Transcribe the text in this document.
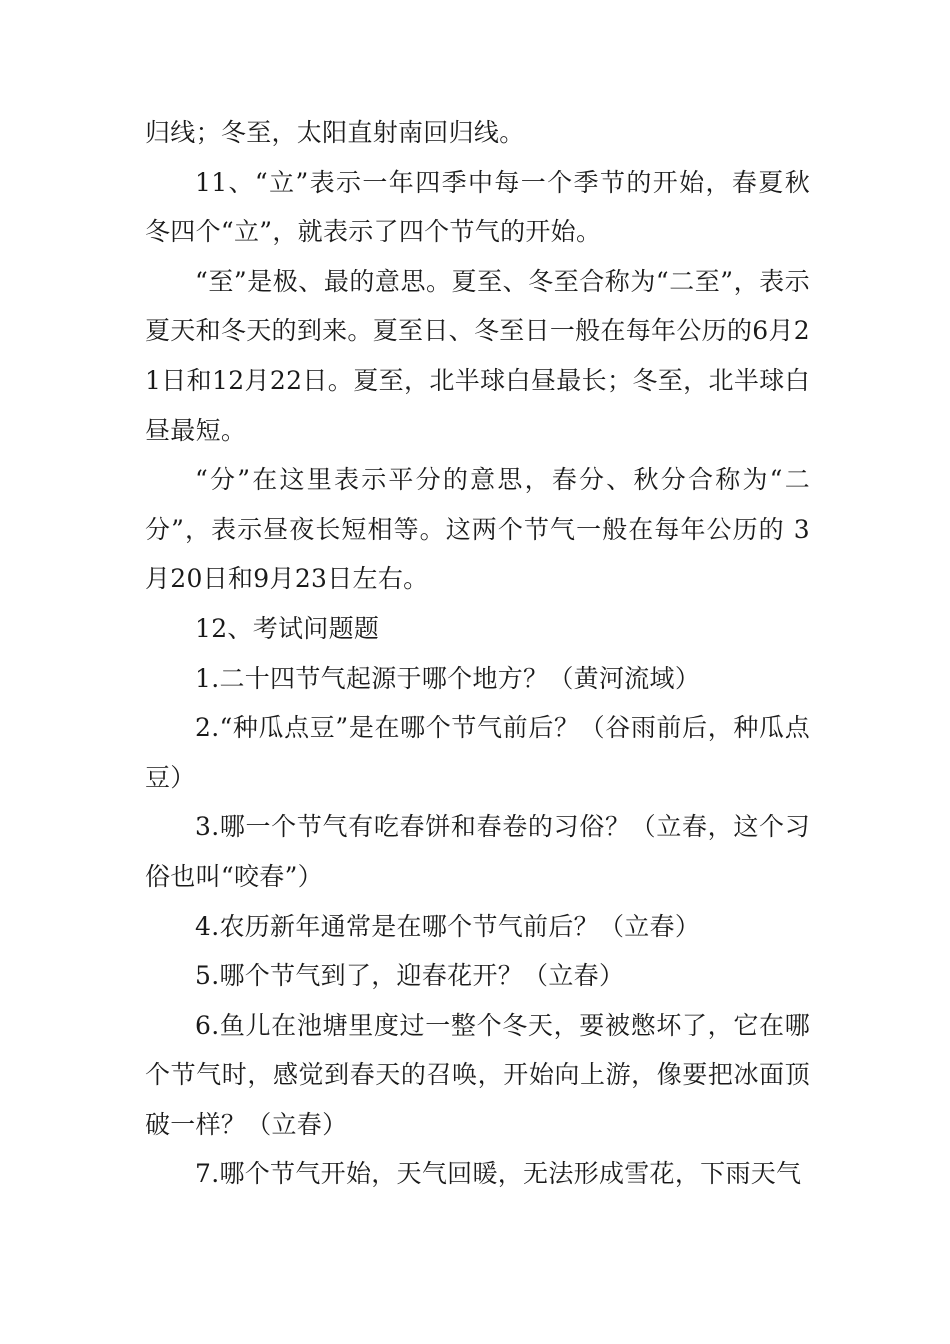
归线；冬至，太阳直射南回归线。

11、“立”表示一年四季中每一个季节的开始，春夏秋冬四个“立”，就表示了四个节气的开始。

“至”是极、最的意思。夏至、冬至合称为“二至”，表示夏天和冬天的到来。夏至日、冬至日一般在每年公历的6月21日和12月22日。夏至，北半球白昼最长；冬至，北半球白昼最短。

“分”在这里表示平分的意思，春分、秋分合称为“二分”，表示昼夜长短相等。这两个节气一般在每年公历的 3月20日和9月23日左右。

12、考试问题题

1.二十四节气起源于哪个地方？（黄河流域）

2.“种瓜点豆”是在哪个节气前后？（谷雨前后，种瓜点豆）

3.哪一个节气有吃春饼和春卷的习俗？（立春，这个习俗也叫“咬春”）

4.农历新年通常是在哪个节气前后？（立春）

5.哪个节气到了，迎春花开？（立春）

6.鱼儿在池塘里度过一整个冬天，要被憋坏了，它在哪个节气时，感觉到春天的召唤，开始向上游，像要把冰面顶破一样？（立春）

7.哪个节气开始，天气回暖，无法形成雪花，下雨天气
